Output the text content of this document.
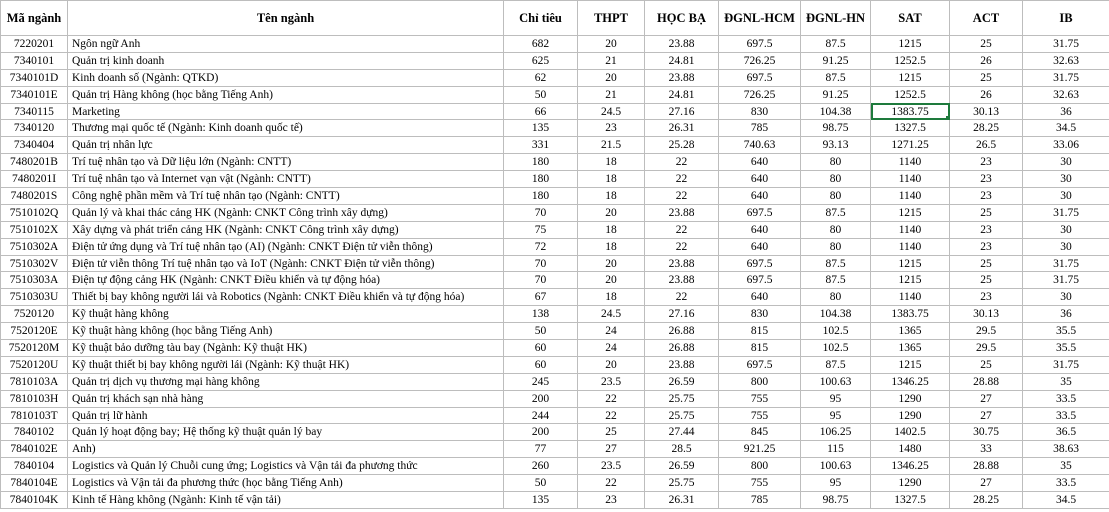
Mã ngành	Tên ngành	Chỉ tiêu	THPT	HỌC BẠ	ĐGNL-HCM	ĐGNL-HN	SAT	ACT	IB
7220201	Ngôn ngữ Anh	682	20	23.88	697.5	87.5	1215	25	31.75
7340101	Quản trị kinh doanh	625	21	24.81	726.25	91.25	1252.5	26	32.63
7340101D	Kinh doanh số (Ngành: QTKD)	62	20	23.88	697.5	87.5	1215	25	31.75
7340101E	Quản trị Hàng không (học bằng Tiếng Anh)	50	21	24.81	726.25	91.25	1252.5	26	32.63
7340115	Marketing	66	24.5	27.16	830	104.38	1383.75	30.13	36
7340120	Thương mại quốc tế (Ngành: Kinh doanh quốc tế)	135	23	26.31	785	98.75	1327.5	28.25	34.5
7340404	Quản trị nhân lực	331	21.5	25.28	740.63	93.13	1271.25	26.5	33.06
7480201B	Trí tuệ nhân tạo và Dữ liệu lớn (Ngành: CNTT)	180	18	22	640	80	1140	23	30
7480201I	Trí tuệ nhân tạo và Internet vạn vật (Ngành: CNTT)	180	18	22	640	80	1140	23	30
7480201S	Công nghệ phần mềm và Trí tuệ nhân tạo (Ngành: CNTT)	180	18	22	640	80	1140	23	30
7510102Q	Quản lý và khai thác cảng HK (Ngành: CNKT Công trình xây dựng)	70	20	23.88	697.5	87.5	1215	25	31.75
7510102X	Xây dựng và phát triển cảng HK (Ngành: CNKT Công trình xây dựng)	75	18	22	640	80	1140	23	30
7510302A	Điện tử ứng dụng và Trí tuệ nhân tạo (AI) (Ngành: CNKT Điện tử viễn thông)	72	18	22	640	80	1140	23	30
7510302V	Điện tử viễn thông Trí tuệ nhân tạo và IoT (Ngành: CNKT Điện tử viễn thông)	70	20	23.88	697.5	87.5	1215	25	31.75
7510303A	Điện tự động cảng HK (Ngành: CNKT Điều khiển và tự động hóa)	70	20	23.88	697.5	87.5	1215	25	31.75
7510303U	Thiết bị bay không người lái và Robotics (Ngành: CNKT Điều khiển và tự động hóa)	67	18	22	640	80	1140	23	30
7520120	Kỹ thuật hàng không	138	24.5	27.16	830	104.38	1383.75	30.13	36
7520120E	Kỹ thuật hàng không (học bằng Tiếng Anh)	50	24	26.88	815	102.5	1365	29.5	35.5
7520120M	Kỹ thuật bảo dưỡng tàu bay (Ngành: Kỹ thuật HK)	60	24	26.88	815	102.5	1365	29.5	35.5
7520120U	Kỹ thuật thiết bị bay không người lái (Ngành: Kỹ thuật HK)	60	20	23.88	697.5	87.5	1215	25	31.75
7810103A	Quản trị dịch vụ thương mại hàng không	245	23.5	26.59	800	100.63	1346.25	28.88	35
7810103H	Quản trị khách sạn nhà hàng	200	22	25.75	755	95	1290	27	33.5
7810103T	Quản trị lữ hành	244	22	25.75	755	95	1290	27	33.5
7840102	Quản lý hoạt động bay; Hệ thống kỹ thuật quản lý bay	200	25	27.44	845	106.25	1402.5	30.75	36.5
7840102E	Anh)	77	27	28.5	921.25	115	1480	33	38.63
7840104	Logistics và Quản lý Chuỗi cung ứng; Logistics và Vận tải đa phương thức	260	23.5	26.59	800	100.63	1346.25	28.88	35
7840104E	Logistics và Vận tải đa phương thức (học bằng Tiếng Anh)	50	22	25.75	755	95	1290	27	33.5
7840104K	Kinh tế Hàng không (Ngành: Kinh tế vận tải)	135	23	26.31	785	98.75	1327.5	28.25	34.5
